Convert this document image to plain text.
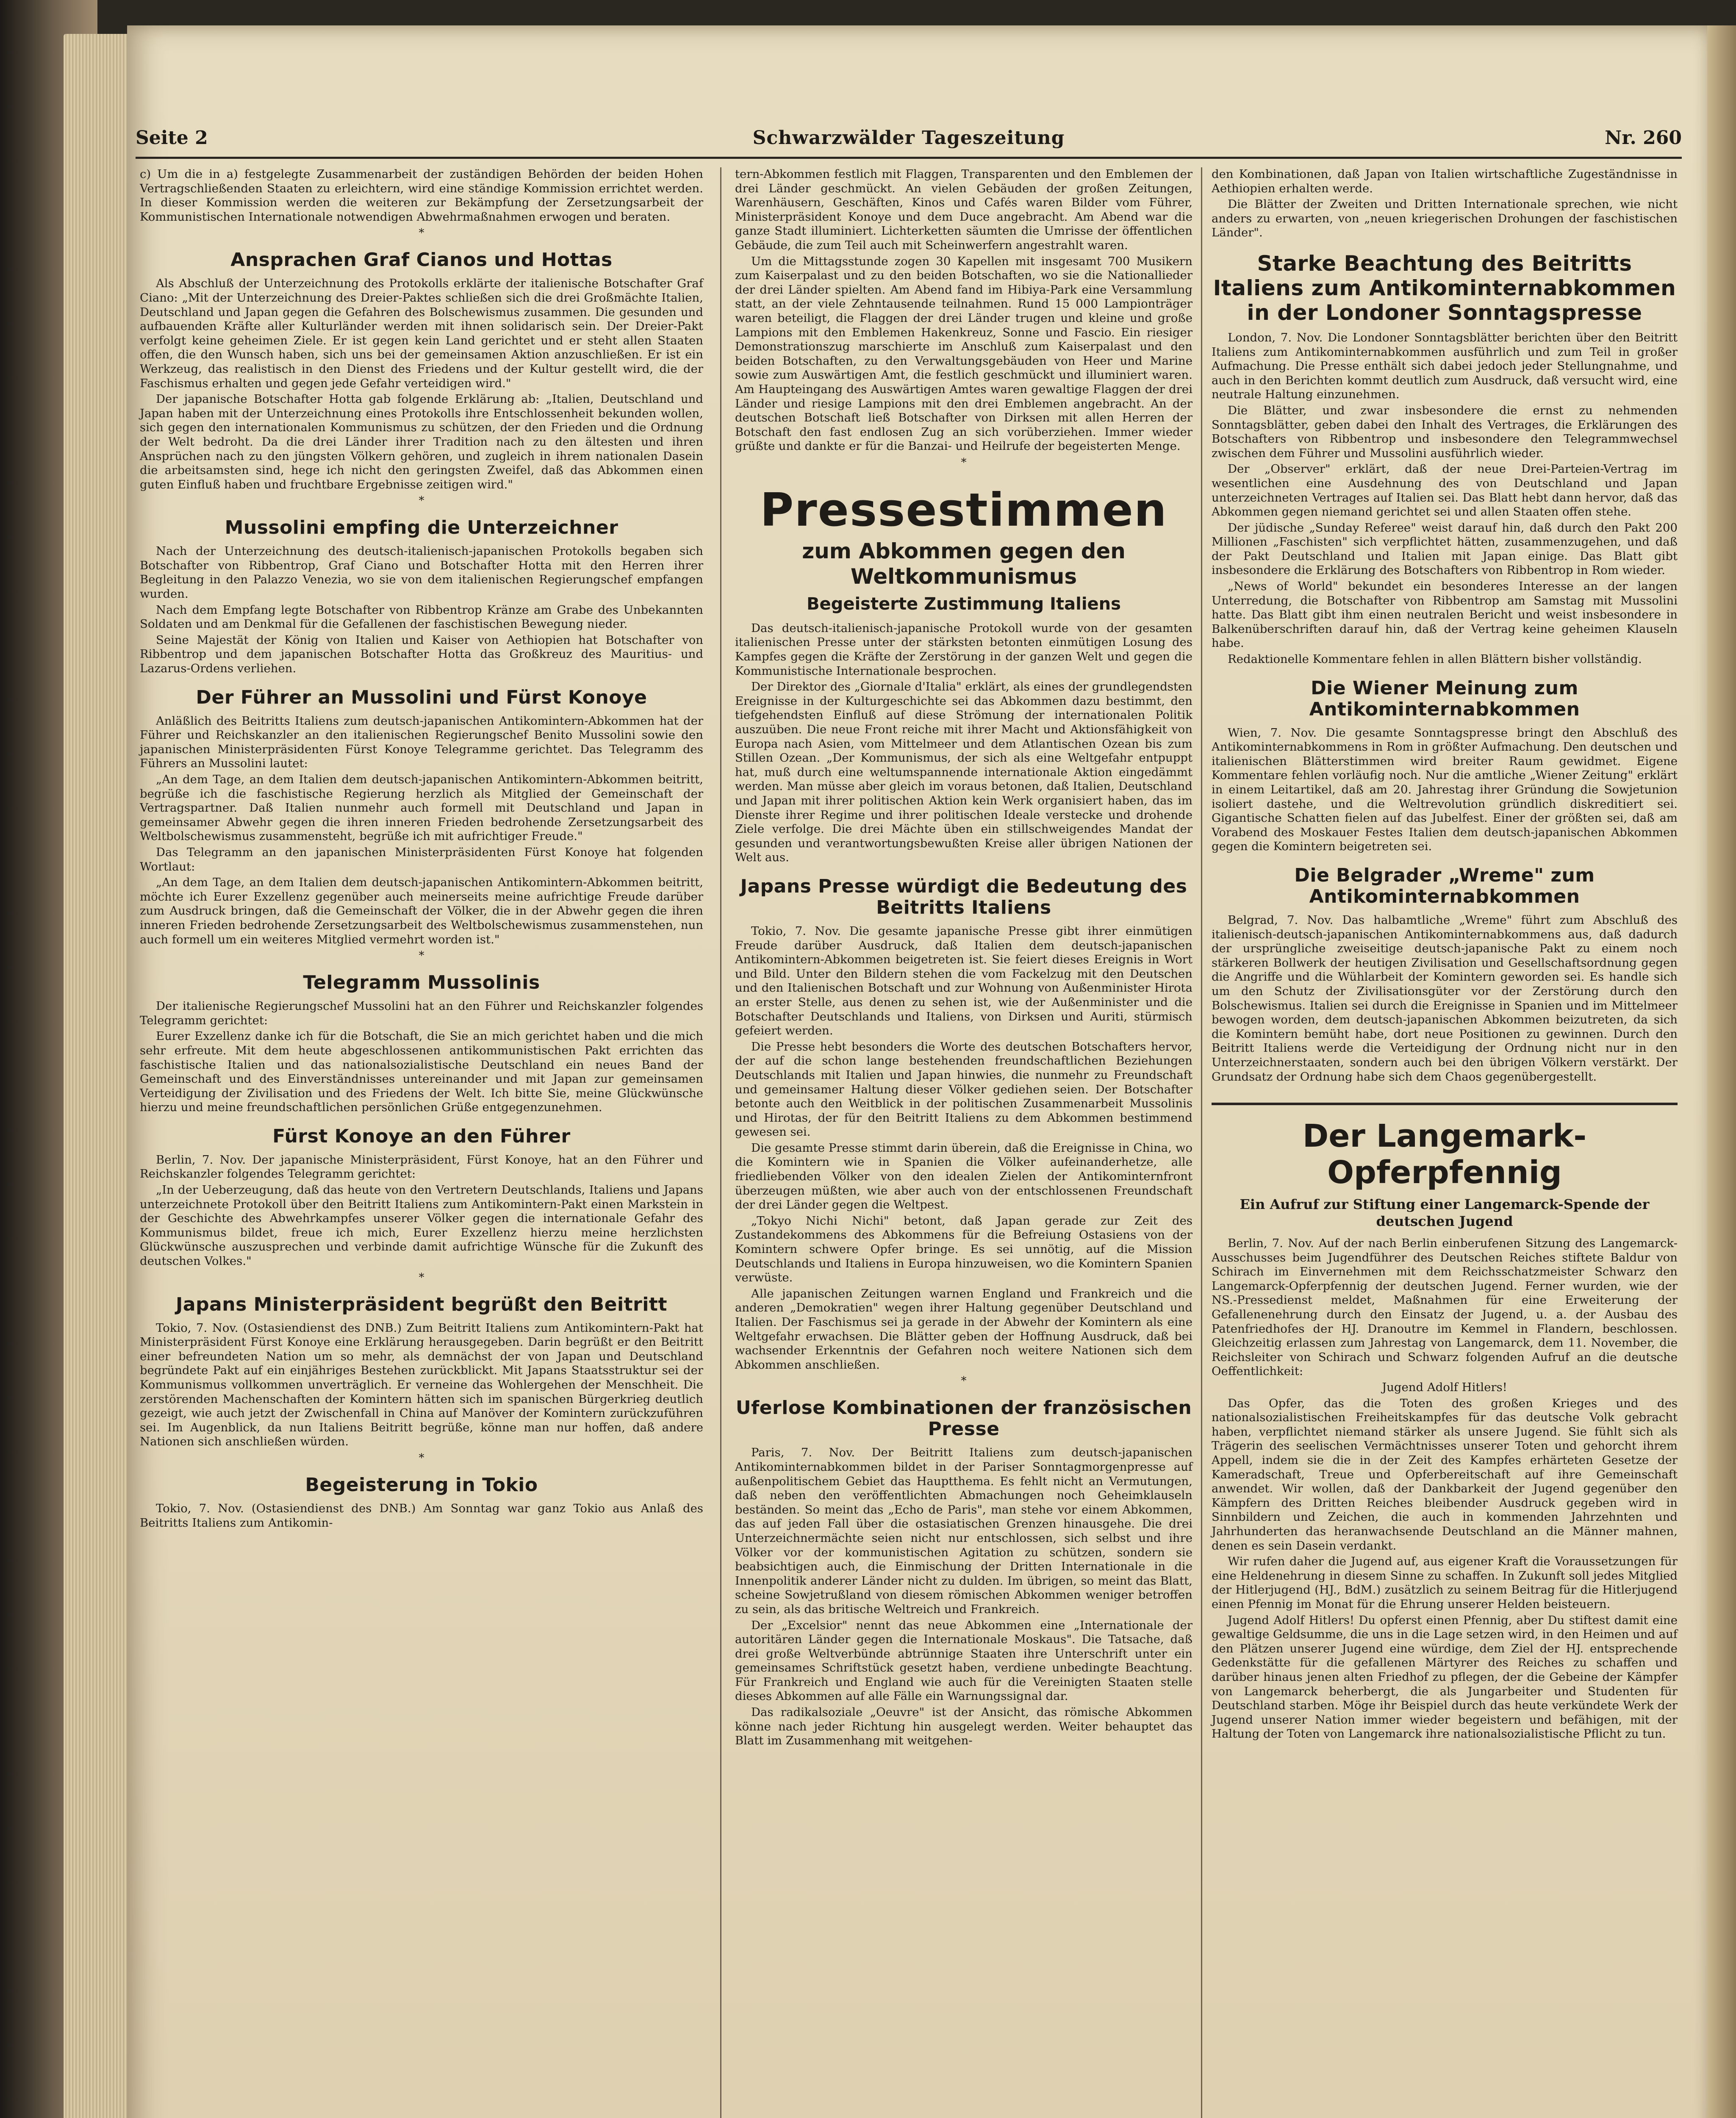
Seite 2	Schwarzwälder Tageszeitung	Nr. 260

c) Um die in a) festgelegte Zusammenarbeit der zuständigen Behörden der beiden Hohen Vertragschließenden Staaten zu erleichtern, wird eine ständige Kommission errichtet werden. In dieser Kommission werden die weiteren zur Bekämpfung der Zersetzungsarbeit der Kommunistischen Internationale notwendigen Abwehrmaßnahmen erwogen und beraten.

*
Ansprachen Graf Cianos und Hottas

Als Abschluß der Unterzeichnung des Protokolls erklärte der italienische Botschafter Graf Ciano: „Mit der Unterzeichnung des Dreier-Paktes schließen sich die drei Großmächte Italien, Deutschland und Japan gegen die Gefahren des Bolschewismus zusammen. Die gesunden und aufbauenden Kräfte aller Kulturländer werden mit ihnen solidarisch sein. Der Dreier-Pakt verfolgt keine geheimen Ziele. Er ist gegen kein Land gerichtet und er steht allen Staaten offen, die den Wunsch haben, sich uns bei der gemeinsamen Aktion anzuschließen. Er ist ein Werkzeug, das realistisch in den Dienst des Friedens und der Kultur gestellt wird, die der Faschismus erhalten und gegen jede Gefahr verteidigen wird."

Der japanische Botschafter Hotta gab folgende Erklärung ab: „Italien, Deutschland und Japan haben mit der Unterzeichnung eines Protokolls ihre Entschlossenheit bekunden wollen, sich gegen den internationalen Kommunismus zu schützen, der den Frieden und die Ordnung der Welt bedroht. Da die drei Länder ihrer Tradition nach zu den ältesten und ihren Ansprüchen nach zu den jüngsten Völkern gehören, und zugleich in ihrem nationalen Dasein die arbeitsamsten sind, hege ich nicht den geringsten Zweifel, daß das Abkommen einen guten Einfluß haben und fruchtbare Ergebnisse zeitigen wird."

*
Mussolini empfing die Unterzeichner

Nach der Unterzeichnung des deutsch-italienisch-japanischen Protokolls begaben sich Botschafter von Ribbentrop, Graf Ciano und Botschafter Hotta mit den Herren ihrer Begleitung in den Palazzo Venezia, wo sie von dem italienischen Regierungschef empfangen wurden.

Nach dem Empfang legte Botschafter von Ribbentrop Kränze am Grabe des Unbekannten Soldaten und am Denkmal für die Gefallenen der faschistischen Bewegung nieder.

Seine Majestät der König von Italien und Kaiser von Aethiopien hat Botschafter von Ribbentrop und dem japanischen Botschafter Hotta das Großkreuz des Mauritius- und Lazarus-Ordens verliehen.

Der Führer an Mussolini und Fürst Konoye

Anläßlich des Beitritts Italiens zum deutsch-japanischen Antikomintern-Abkommen hat der Führer und Reichskanzler an den italienischen Regierungschef Benito Mussolini sowie den japanischen Ministerpräsidenten Fürst Konoye Telegramme gerichtet. Das Telegramm des Führers an Mussolini lautet:

„An dem Tage, an dem Italien dem deutsch-japanischen Antikomintern-Abkommen beitritt, begrüße ich die faschistische Regierung herzlich als Mitglied der Gemeinschaft der Vertragspartner. Daß Italien nunmehr auch formell mit Deutschland und Japan in gemeinsamer Abwehr gegen die ihren inneren Frieden bedrohende Zersetzungsarbeit des Weltbolschewismus zusammensteht, begrüße ich mit aufrichtiger Freude."

Das Telegramm an den japanischen Ministerpräsidenten Fürst Konoye hat folgenden Wortlaut:

„An dem Tage, an dem Italien dem deutsch-japanischen Antikomintern-Abkommen beitritt, möchte ich Eurer Exzellenz gegenüber auch meinerseits meine aufrichtige Freude darüber zum Ausdruck bringen, daß die Gemeinschaft der Völker, die in der Abwehr gegen die ihren inneren Frieden bedrohende Zersetzungsarbeit des Weltbolschewismus zusammenstehen, nun auch formell um ein weiteres Mitglied vermehrt worden ist."

*
Telegramm Mussolinis

Der italienische Regierungschef Mussolini hat an den Führer und Reichskanzler folgendes Telegramm gerichtet:

Eurer Exzellenz danke ich für die Botschaft, die Sie an mich gerichtet haben und die mich sehr erfreute. Mit dem heute abgeschlossenen antikommunistischen Pakt errichten das faschistische Italien und das nationalsozialistische Deutschland ein neues Band der Gemeinschaft und des Einverständnisses untereinander und mit Japan zur gemeinsamen Verteidigung der Zivilisation und des Friedens der Welt. Ich bitte Sie, meine Glückwünsche hierzu und meine freundschaftlichen persönlichen Grüße entgegenzunehmen.

Fürst Konoye an den Führer

Berlin, 7. Nov. Der japanische Ministerpräsident, Fürst Konoye, hat an den Führer und Reichskanzler folgendes Telegramm gerichtet:

„In der Ueberzeugung, daß das heute von den Vertretern Deutschlands, Italiens und Japans unterzeichnete Protokoll über den Beitritt Italiens zum Antikomintern-Pakt einen Markstein in der Geschichte des Abwehrkampfes unserer Völker gegen die internationale Gefahr des Kommunismus bildet, freue ich mich, Eurer Exzellenz hierzu meine herzlichsten Glückwünsche auszusprechen und verbinde damit aufrichtige Wünsche für die Zukunft des deutschen Volkes."

*
Japans Ministerpräsident begrüßt den Beitritt

Tokio, 7. Nov. (Ostasiendienst des DNB.) Zum Beitritt Italiens zum Antikomintern-Pakt hat Ministerpräsident Fürst Konoye eine Erklärung herausgegeben. Darin begrüßt er den Beitritt einer befreundeten Nation um so mehr, als demnächst der von Japan und Deutschland begründete Pakt auf ein einjähriges Bestehen zurückblickt. Mit Japans Staatsstruktur sei der Kommunismus vollkommen unverträglich. Er verneine das Wohlergehen der Menschheit. Die zerstörenden Machenschaften der Komintern hätten sich im spanischen Bürgerkrieg deutlich gezeigt, wie auch jetzt der Zwischenfall in China auf Manöver der Komintern zurückzuführen sei. Im Augenblick, da nun Italiens Beitritt begrüße, könne man nur hoffen, daß andere Nationen sich anschließen würden.

*
Begeisterung in Tokio

Tokio, 7. Nov. (Ostasiendienst des DNB.) Am Sonntag war ganz Tokio aus Anlaß des Beitritts Italiens zum Antikomin-

tern-Abkommen festlich mit Flaggen, Transparenten und den Emblemen der drei Länder geschmückt. An vielen Gebäuden der großen Zeitungen, Warenhäusern, Geschäften, Kinos und Cafés waren Bilder vom Führer, Ministerpräsident Konoye und dem Duce angebracht. Am Abend war die ganze Stadt illuminiert. Lichterketten säumten die Umrisse der öffentlichen Gebäude, die zum Teil auch mit Scheinwerfern angestrahlt waren.

Um die Mittagsstunde zogen 30 Kapellen mit insgesamt 700 Musikern zum Kaiserpalast und zu den beiden Botschaften, wo sie die Nationallieder der drei Länder spielten. Am Abend fand im Hibiya-Park eine Versammlung statt, an der viele Zehntausende teilnahmen. Rund 15 000 Lampionträger waren beteiligt, die Flaggen der drei Länder trugen und kleine und große Lampions mit den Emblemen Hakenkreuz, Sonne und Fascio. Ein riesiger Demonstrationszug marschierte im Anschluß zum Kaiserpalast und den beiden Botschaften, zu den Verwaltungsgebäuden von Heer und Marine sowie zum Auswärtigen Amt, die festlich geschmückt und illuminiert waren. Am Haupteingang des Auswärtigen Amtes waren gewaltige Flaggen der drei Länder und riesige Lampions mit den drei Emblemen angebracht. An der deutschen Botschaft ließ Botschafter von Dirksen mit allen Herren der Botschaft den fast endlosen Zug an sich vorüberziehen. Immer wieder grüßte und dankte er für die Banzai- und Heilrufe der begeisterten Menge.

*
Pressestimmen
zum Abkommen gegen den Weltkommunismus
Begeisterte Zustimmung Italiens

Das deutsch-italienisch-japanische Protokoll wurde von der gesamten italienischen Presse unter der stärksten betonten einmütigen Losung des Kampfes gegen die Kräfte der Zerstörung in der ganzen Welt und gegen die Kommunistische Internationale besprochen.

Der Direktor des „Giornale d'Italia" erklärt, als eines der grundlegendsten Ereignisse in der Kulturgeschichte sei das Abkommen dazu bestimmt, den tiefgehendsten Einfluß auf diese Strömung der internationalen Politik auszuüben. Die neue Front reiche mit ihrer Macht und Aktionsfähigkeit von Europa nach Asien, vom Mittelmeer und dem Atlantischen Ozean bis zum Stillen Ozean. „Der Kommunismus, der sich als eine Weltgefahr entpuppt hat, muß durch eine weltumspannende internationale Aktion eingedämmt werden. Man müsse aber gleich im voraus betonen, daß Italien, Deutschland und Japan mit ihrer politischen Aktion kein Werk organisiert haben, das im Dienste ihrer Regime und ihrer politischen Ideale verstecke und drohende Ziele verfolge. Die drei Mächte üben ein stillschweigendes Mandat der gesunden und verantwortungsbewußten Kreise aller übrigen Nationen der Welt aus.

Japans Presse würdigt die Bedeutung des Beitritts Italiens

Tokio, 7. Nov. Die gesamte japanische Presse gibt ihrer einmütigen Freude darüber Ausdruck, daß Italien dem deutsch-japanischen Antikomintern-Abkommen beigetreten ist. Sie feiert dieses Ereignis in Wort und Bild. Unter den Bildern stehen die vom Fackelzug mit den Deutschen und den Italienischen Botschaft und zur Wohnung von Außenminister Hirota an erster Stelle, aus denen zu sehen ist, wie der Außenminister und die Botschafter Deutschlands und Italiens, von Dirksen und Auriti, stürmisch gefeiert werden.

Die Presse hebt besonders die Worte des deutschen Botschafters hervor, der auf die schon lange bestehenden freundschaftlichen Beziehungen Deutschlands mit Italien und Japan hinwies, die nunmehr zu Freundschaft und gemeinsamer Haltung dieser Völker gediehen seien. Der Botschafter betonte auch den Weitblick in der politischen Zusammenarbeit Mussolinis und Hirotas, der für den Beitritt Italiens zu dem Abkommen bestimmend gewesen sei.

Die gesamte Presse stimmt darin überein, daß die Ereignisse in China, wo die Komintern wie in Spanien die Völker aufeinanderhetze, alle friedliebenden Völker von den idealen Zielen der Antikominternfront überzeugen müßten, wie aber auch von der entschlossenen Freundschaft der drei Länder gegen die Weltpest.

„Tokyo Nichi Nichi" betont, daß Japan gerade zur Zeit des Zustandekommens des Abkommens für die Befreiung Ostasiens von der Komintern schwere Opfer bringe. Es sei unnötig, auf die Mission Deutschlands und Italiens in Europa hinzuweisen, wo die Komintern Spanien verwüste.

Alle japanischen Zeitungen warnen England und Frankreich und die anderen „Demokratien" wegen ihrer Haltung gegenüber Deutschland und Italien. Der Faschismus sei ja gerade in der Abwehr der Komintern als eine Weltgefahr erwachsen. Die Blätter geben der Hoffnung Ausdruck, daß bei wachsender Erkenntnis der Gefahren noch weitere Nationen sich dem Abkommen anschließen.

*
Uferlose Kombinationen der französischen Presse

Paris, 7. Nov. Der Beitritt Italiens zum deutsch-japanischen Antikominternabkommen bildet in der Pariser Sonntagmorgenpresse auf außenpolitischem Gebiet das Hauptthema. Es fehlt nicht an Vermutungen, daß neben den veröffentlichten Abmachungen noch Geheimklauseln beständen. So meint das „Echo de Paris", man stehe vor einem Abkommen, das auf jeden Fall über die ostasiatischen Grenzen hinausgehe. Die drei Unterzeichnermächte seien nicht nur entschlossen, sich selbst und ihre Völker vor der kommunistischen Agitation zu schützen, sondern sie beabsichtigen auch, die Einmischung der Dritten Internationale in die Innenpolitik anderer Länder nicht zu dulden. Im übrigen, so meint das Blatt, scheine Sowjetrußland von diesem römischen Abkommen weniger betroffen zu sein, als das britische Weltreich und Frankreich.

Der „Excelsior" nennt das neue Abkommen eine „Internationale der autoritären Länder gegen die Internationale Moskaus". Die Tatsache, daß drei große Weltverbünde abtrünnige Staaten ihre Unterschrift unter ein gemeinsames Schriftstück gesetzt haben, verdiene unbedingte Beachtung. Für Frankreich und England wie auch für die Vereinigten Staaten stelle dieses Abkommen auf alle Fälle ein Warnungssignal dar.

Das radikalsoziale „Oeuvre" ist der Ansicht, das römische Abkommen könne nach jeder Richtung hin ausgelegt werden. Weiter behauptet das Blatt im Zusammenhang mit weitgehen-

den Kombinationen, daß Japan von Italien wirtschaftliche Zugeständnisse in Aethiopien erhalten werde.

Die Blätter der Zweiten und Dritten Internationale sprechen, wie nicht anders zu erwarten, von „neuen kriegerischen Drohungen der faschistischen Länder".

Starke Beachtung des Beitritts Italiens zum Antikominternabkommen in der Londoner Sonntagspresse

London, 7. Nov. Die Londoner Sonntagsblätter berichten über den Beitritt Italiens zum Antikominternabkommen ausführlich und zum Teil in großer Aufmachung. Die Presse enthält sich dabei jedoch jeder Stellungnahme, und auch in den Berichten kommt deutlich zum Ausdruck, daß versucht wird, eine neutrale Haltung einzunehmen.

Die Blätter, und zwar insbesondere die ernst zu nehmenden Sonntagsblätter, geben dabei den Inhalt des Vertrages, die Erklärungen des Botschafters von Ribbentrop und insbesondere den Telegrammwechsel zwischen dem Führer und Mussolini ausführlich wieder.

Der „Observer" erklärt, daß der neue Drei-Parteien-Vertrag im wesentlichen eine Ausdehnung des von Deutschland und Japan unterzeichneten Vertrages auf Italien sei. Das Blatt hebt dann hervor, daß das Abkommen gegen niemand gerichtet sei und allen Staaten offen stehe.

Der jüdische „Sunday Referee" weist darauf hin, daß durch den Pakt 200 Millionen „Faschisten" sich verpflichtet hätten, zusammenzugehen, und daß der Pakt Deutschland und Italien mit Japan einige. Das Blatt gibt insbesondere die Erklärung des Botschafters von Ribbentrop in Rom wieder.

„News of World" bekundet ein besonderes Interesse an der langen Unterredung, die Botschafter von Ribbentrop am Samstag mit Mussolini hatte. Das Blatt gibt ihm einen neutralen Bericht und weist insbesondere in Balkenüberschriften darauf hin, daß der Vertrag keine geheimen Klauseln habe.

Redaktionelle Kommentare fehlen in allen Blättern bisher vollständig.

Die Wiener Meinung zum Antikominternabkommen

Wien, 7. Nov. Die gesamte Sonntagspresse bringt den Abschluß des Antikominternabkommens in Rom in größter Aufmachung. Den deutschen und italienischen Blätterstimmen wird breiter Raum gewidmet. Eigene Kommentare fehlen vorläufig noch. Nur die amtliche „Wiener Zeitung" erklärt in einem Leitartikel, daß am 20. Jahrestag ihrer Gründung die Sowjetunion isoliert dastehe, und die Weltrevolution gründlich diskreditiert sei. Gigantische Schatten fielen auf das Jubelfest. Einer der größten sei, daß am Vorabend des Moskauer Festes Italien dem deutsch-japanischen Abkommen gegen die Komintern beigetreten sei.

Die Belgrader „Wreme" zum Antikominternabkommen

Belgrad, 7. Nov. Das halbamtliche „Wreme" führt zum Abschluß des italienisch-deutsch-japanischen Antikominternabkommens aus, daß dadurch der ursprüngliche zweiseitige deutsch-japanische Pakt zu einem noch stärkeren Bollwerk der heutigen Zivilisation und Gesellschaftsordnung gegen die Angriffe und die Wühlarbeit der Komintern geworden sei. Es handle sich um den Schutz der Zivilisationsgüter vor der Zerstörung durch den Bolschewismus. Italien sei durch die Ereignisse in Spanien und im Mittelmeer bewogen worden, dem deutsch-japanischen Abkommen beizutreten, da sich die Komintern bemüht habe, dort neue Positionen zu gewinnen. Durch den Beitritt Italiens werde die Verteidigung der Ordnung nicht nur in den Unterzeichnerstaaten, sondern auch bei den übrigen Völkern verstärkt. Der Grundsatz der Ordnung habe sich dem Chaos gegenübergestellt.

Der Langemark-Opferpfennig
Ein Aufruf zur Stiftung einer Langemarck-Spende der deutschen Jugend

Berlin, 7. Nov. Auf der nach Berlin einberufenen Sitzung des Langemarck-Ausschusses beim Jugendführer des Deutschen Reiches stiftete Baldur von Schirach im Einvernehmen mit dem Reichsschatzmeister Schwarz den Langemarck-Opferpfennig der deutschen Jugend. Ferner wurden, wie der NS.-Pressedienst meldet, Maßnahmen für eine Erweiterung der Gefallenenehrung durch den Einsatz der Jugend, u. a. der Ausbau des Patenfriedhofes der HJ. Dranoutre im Kemmel in Flandern, beschlossen. Gleichzeitig erlassen zum Jahrestag von Langemarck, dem 11. November, die Reichsleiter von Schirach und Schwarz folgenden Aufruf an die deutsche Oeffentlichkeit:

Jugend Adolf Hitlers!

Das Opfer, das die Toten des großen Krieges und des nationalsozialistischen Freiheitskampfes für das deutsche Volk gebracht haben, verpflichtet niemand stärker als unsere Jugend. Sie fühlt sich als Trägerin des seelischen Vermächtnisses unserer Toten und gehorcht ihrem Appell, indem sie die in der Zeit des Kampfes erhärteten Gesetze der Kameradschaft, Treue und Opferbereitschaft auf ihre Gemeinschaft anwendet. Wir wollen, daß der Dankbarkeit der Jugend gegenüber den Kämpfern des Dritten Reiches bleibender Ausdruck gegeben wird in Sinnbildern und Zeichen, die auch in kommenden Jahrzehnten und Jahrhunderten das heranwachsende Deutschland an die Männer mahnen, denen es sein Dasein verdankt.

Wir rufen daher die Jugend auf, aus eigener Kraft die Voraussetzungen für eine Heldenehrung in diesem Sinne zu schaffen. In Zukunft soll jedes Mitglied der Hitlerjugend (HJ., BdM.) zusätzlich zu seinem Beitrag für die Hitlerjugend einen Pfennig im Monat für die Ehrung unserer Helden beisteuern.

Jugend Adolf Hitlers! Du opferst einen Pfennig, aber Du stiftest damit eine gewaltige Geldsumme, die uns in die Lage setzen wird, in den Heimen und auf den Plätzen unserer Jugend eine würdige, dem Ziel der HJ. entsprechende Gedenkstätte für die gefallenen Märtyrer des Reiches zu schaffen und darüber hinaus jenen alten Friedhof zu pflegen, der die Gebeine der Kämpfer von Langemarck beherbergt, die als Jungarbeiter und Studenten für Deutschland starben. Möge ihr Beispiel durch das heute verkündete Werk der Jugend unserer Nation immer wieder begeistern und befähigen, mit der Haltung der Toten von Langemarck ihre nationalsozialistische Pflicht zu tun.
